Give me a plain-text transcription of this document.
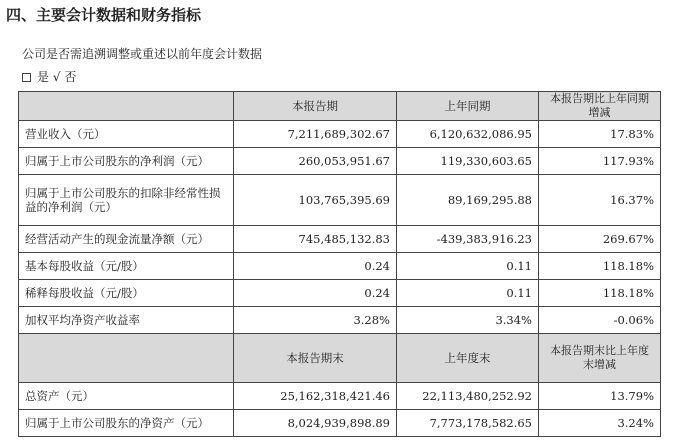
四、主要会计数据和财务指标
公司是否需追溯调整或重述以前年度会计数据
是 √ 否
	本报告期	上年同期	本报告期比上年同期增减
营业收入（元）	7,211,689,302.67	6,120,632,086.95	17.83%
归属于上市公司股东的净利润（元）	260,053,951.67	119,330,603.65	117.93%
归属于上市公司股东的扣除非经常性损益的净利润（元）	103,765,395.69	89,169,295.88	16.37%
经营活动产生的现金流量净额（元）	745,485,132.83	-439,383,916.23	269.67%
基本每股收益（元/股）	0.24	0.11	118.18%
稀释每股收益（元/股）	0.24	0.11	118.18%
加权平均净资产收益率	3.28%	3.34%	-0.06%
	本报告期末	上年度末	本报告期末比上年度末增减
总资产（元）	25,162,318,421.46	22,113,480,252.92	13.79%
归属于上市公司股东的净资产（元）	8,024,939,898.89	7,773,178,582.65	3.24%
